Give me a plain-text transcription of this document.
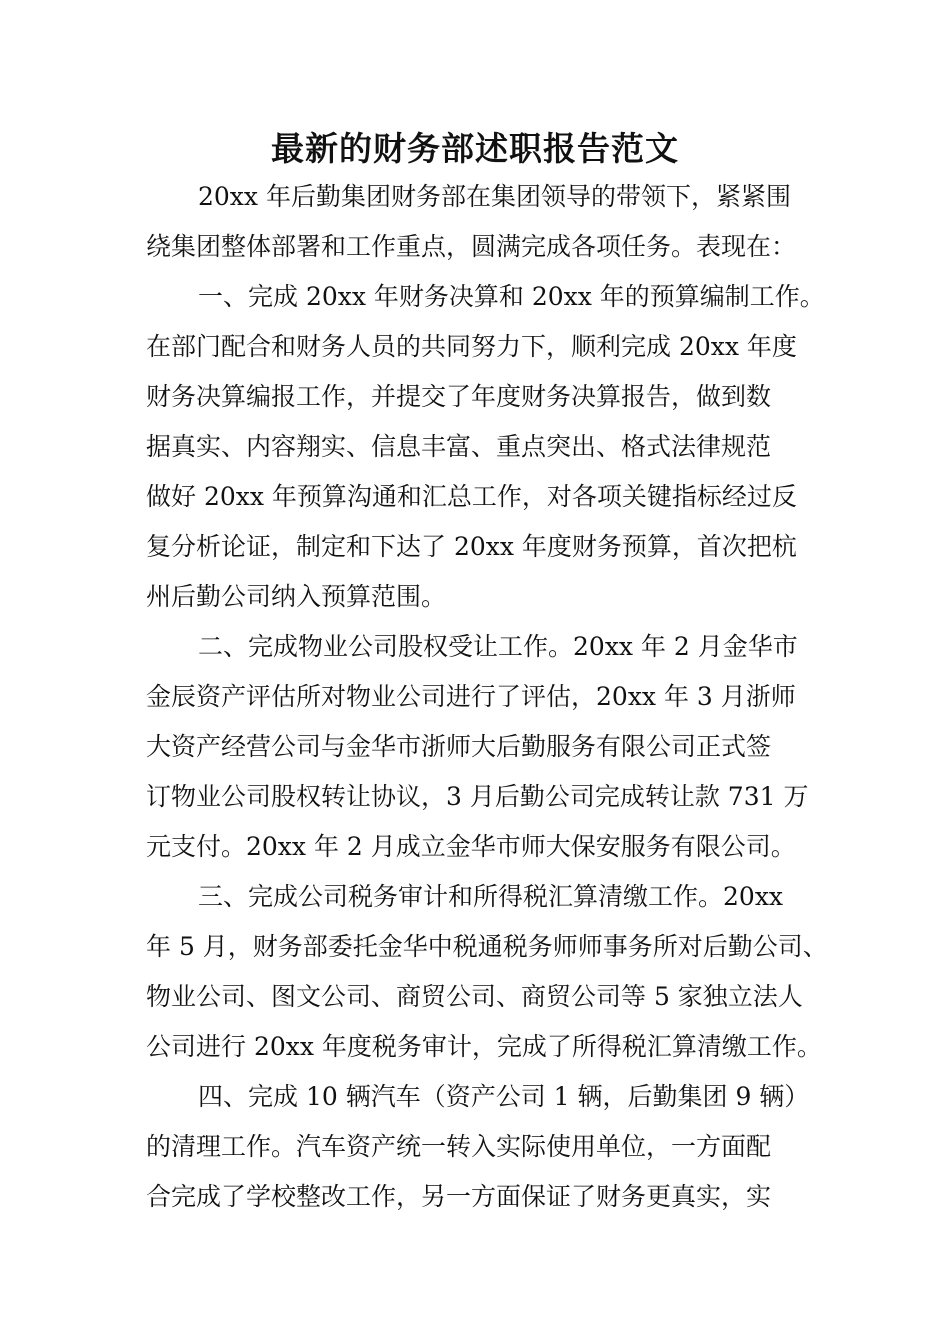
最新的财务部述职报告范文

20xx 年后勤集团财务部在集团领导的带领下，紧紧围

绕集团整体部署和工作重点，圆满完成各项任务。表现在：

一、完成 20xx 年财务决算和 20xx 年的预算编制工作。

在部门配合和财务人员的共同努力下，顺利完成 20xx 年度

财务决算编报工作，并提交了年度财务决算报告，做到数

据真实、内容翔实、信息丰富、重点突出、格式法律规范

做好 20xx 年预算沟通和汇总工作，对各项关键指标经过反

复分析论证，制定和下达了 20xx 年度财务预算，首次把杭

州后勤公司纳入预算范围。

二、完成物业公司股权受让工作。20xx 年 2 月金华市

金辰资产评估所对物业公司进行了评估，20xx 年 3 月浙师

大资产经营公司与金华市浙师大后勤服务有限公司正式签

订物业公司股权转让协议，3 月后勤公司完成转让款 731 万

元支付。20xx 年 2 月成立金华市师大保安服务有限公司。

三、完成公司税务审计和所得税汇算清缴工作。20xx

年 5 月，财务部委托金华中税通税务师师事务所对后勤公司、

物业公司、图文公司、商贸公司、商贸公司等 5 家独立法人

公司进行 20xx 年度税务审计，完成了所得税汇算清缴工作。

四、完成 10 辆汽车（资产公司 1 辆，后勤集团 9 辆）

的清理工作。汽车资产统一转入实际使用单位，一方面配

合完成了学校整改工作，另一方面保证了财务更真实，实
